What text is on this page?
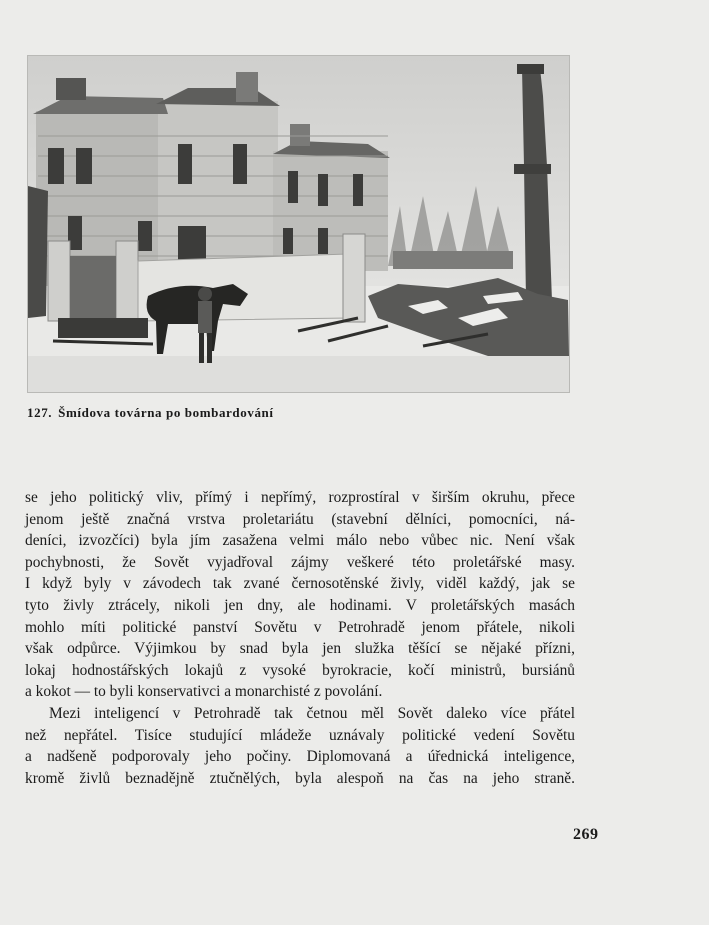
127. Šmídova továrna po bombardování

se jeho politický vliv, přímý i nepřímý, rozprostíral v širším okruhu, přece
jenom ještě značná vrstva proletariátu (stavební dělníci, pomocníci, ná-
deníci, izvozčíci) byla jím zasažena velmi málo nebo vůbec nic. Není však
pochybnosti, že Sovět vyjadřoval zájmy veškeré této proletářské masy.
I když byly v závodech tak zvané černosotěnské živly, viděl každý, jak se
tyto živly ztrácely, nikoli jen dny, ale hodinami. V proletářských masách
mohlo míti politické panství Sovětu v Petrohradě jenom přátele, nikoli
však odpůrce. Výjimkou by snad byla jen služka těšící se nějaké přízni,
lokaj hodnostářských lokajů z vysoké byrokracie, kočí ministrů, bursiánů
a kokot — to byli konservativci a monarchisté z povolání.

Mezi inteligencí v Petrohradě tak četnou měl Sovět daleko více přátel
než nepřátel. Tisíce studující mládeže uznávaly politické vedení Sovětu
a nadšeně podporovaly jeho počiny. Diplomovaná a úřednická inteligence,
kromě živlů beznadějně ztučnělých, byla alespoň na čas na jeho straně.

269
